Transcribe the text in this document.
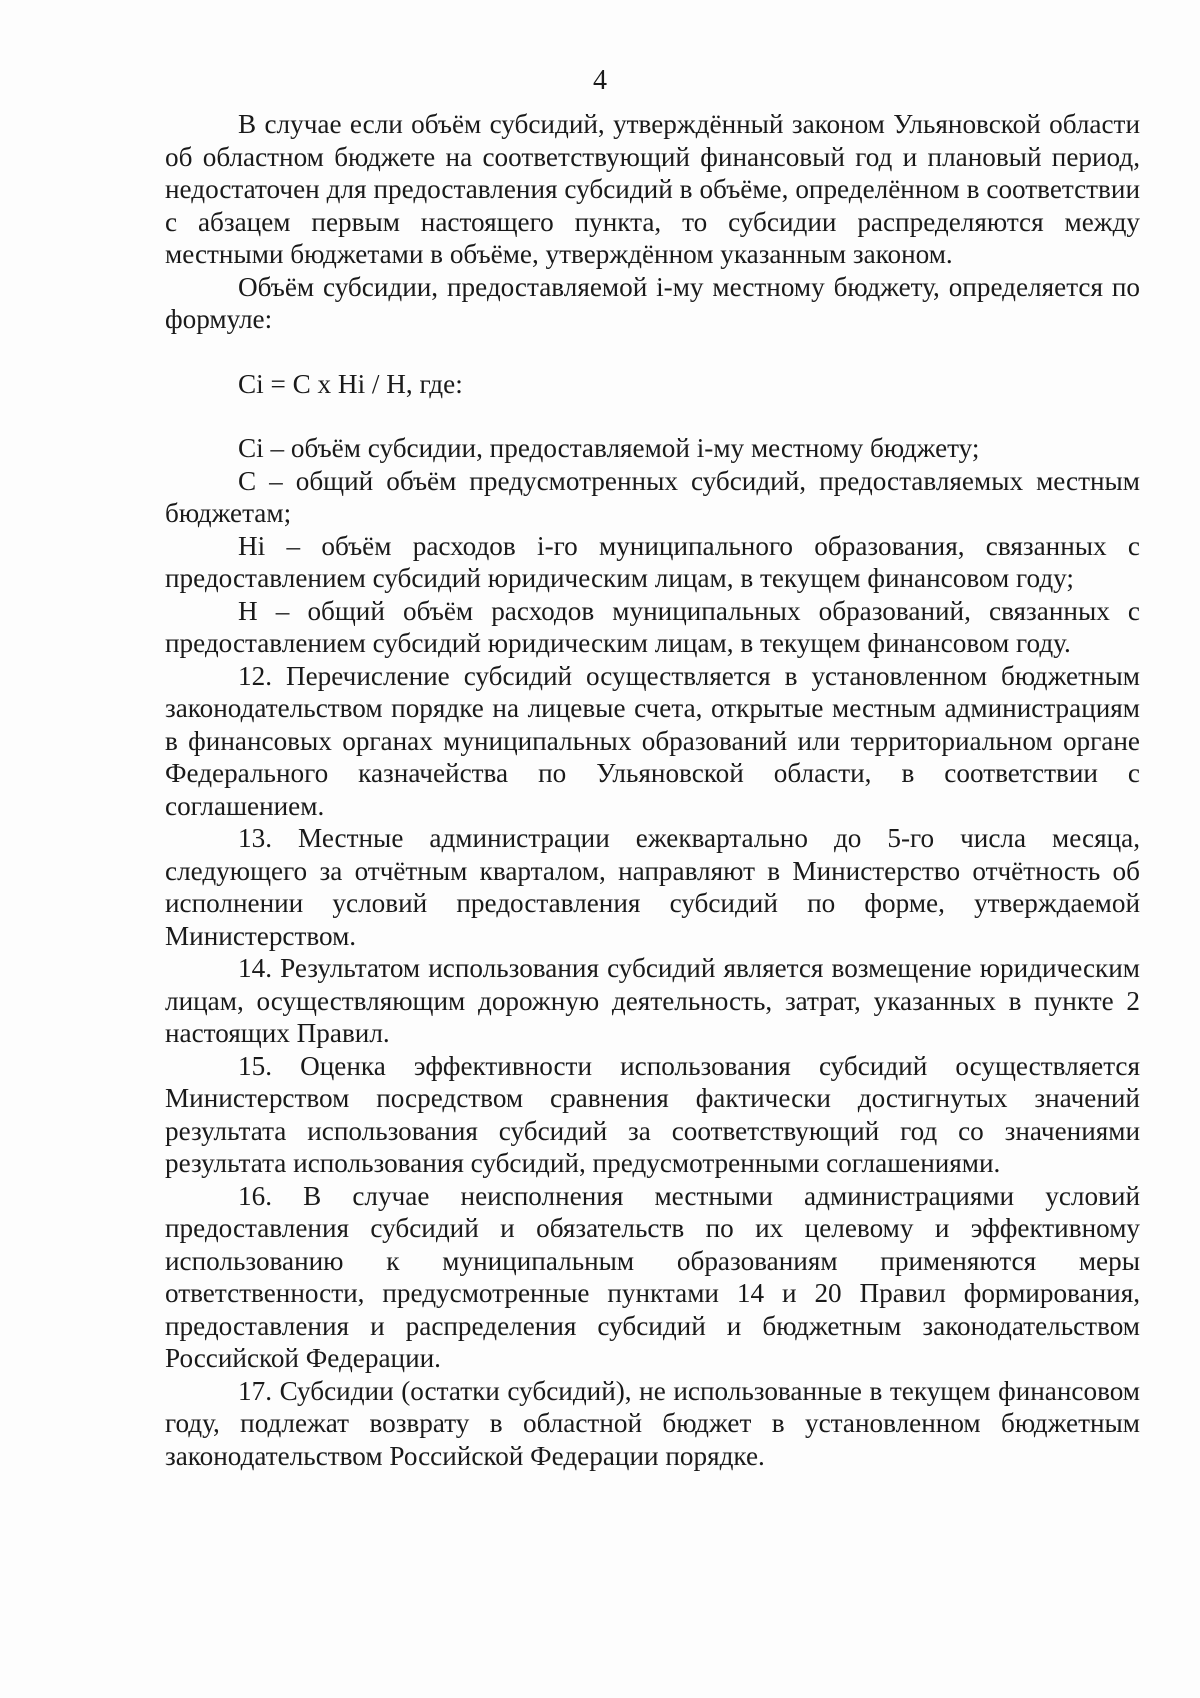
4

В случае если объём субсидий, утверждённый законом Ульяновской области об областном бюджете на соответствующий финансовый год и плановый период, недостаточен для предоставления субсидий в объёме, определённом в соответствии с абзацем первым настоящего пункта, то субсидии распределяются между местными бюджетами в объёме, утверждённом указанным законом.

Объём субсидии, предоставляемой i-му местному бюджету, определяется по формуле:

Ci = C x Hi / H, где:

Ci – объём субсидии, предоставляемой i-му местному бюджету;

C – общий объём предусмотренных субсидий, предоставляемых местным бюджетам;

Hi – объём расходов i-го муниципального образования, связанных с предоставлением субсидий юридическим лицам, в текущем финансовом году;

H – общий объём расходов муниципальных образований, связанных с предоставлением субсидий юридическим лицам, в текущем финансовом году.

12. Перечисление субсидий осуществляется в установленном бюджетным законодательством порядке на лицевые счета, открытые местным администрациям в финансовых органах муниципальных образований или территориальном органе Федерального казначейства по Ульяновской области, в соответствии с соглашением.

13. Местные администрации ежеквартально до 5-го числа месяца, следующего за отчётным кварталом, направляют в Министерство отчётность об исполнении условий предоставления субсидий по форме, утверждаемой Министерством.

14. Результатом использования субсидий является возмещение юридическим лицам, осуществляющим дорожную деятельность, затрат, указанных в пункте 2 настоящих Правил.

15. Оценка эффективности использования субсидий осуществляется Министерством посредством сравнения фактически достигнутых значений результата использования субсидий за соответствующий год со значениями результата использования субсидий, предусмотренными соглашениями.

16. В случае неисполнения местными администрациями условий предоставления субсидий и обязательств по их целевому и эффективному использованию к муниципальным образованиям применяются меры ответственности, предусмотренные пунктами 14 и 20 Правил формирования, предоставления и распределения субсидий и бюджетным законодательством Российской Федерации.

17. Субсидии (остатки субсидий), не использованные в текущем финансовом году, подлежат возврату в областной бюджет в установленном бюджетным законодательством Российской Федерации порядке.
